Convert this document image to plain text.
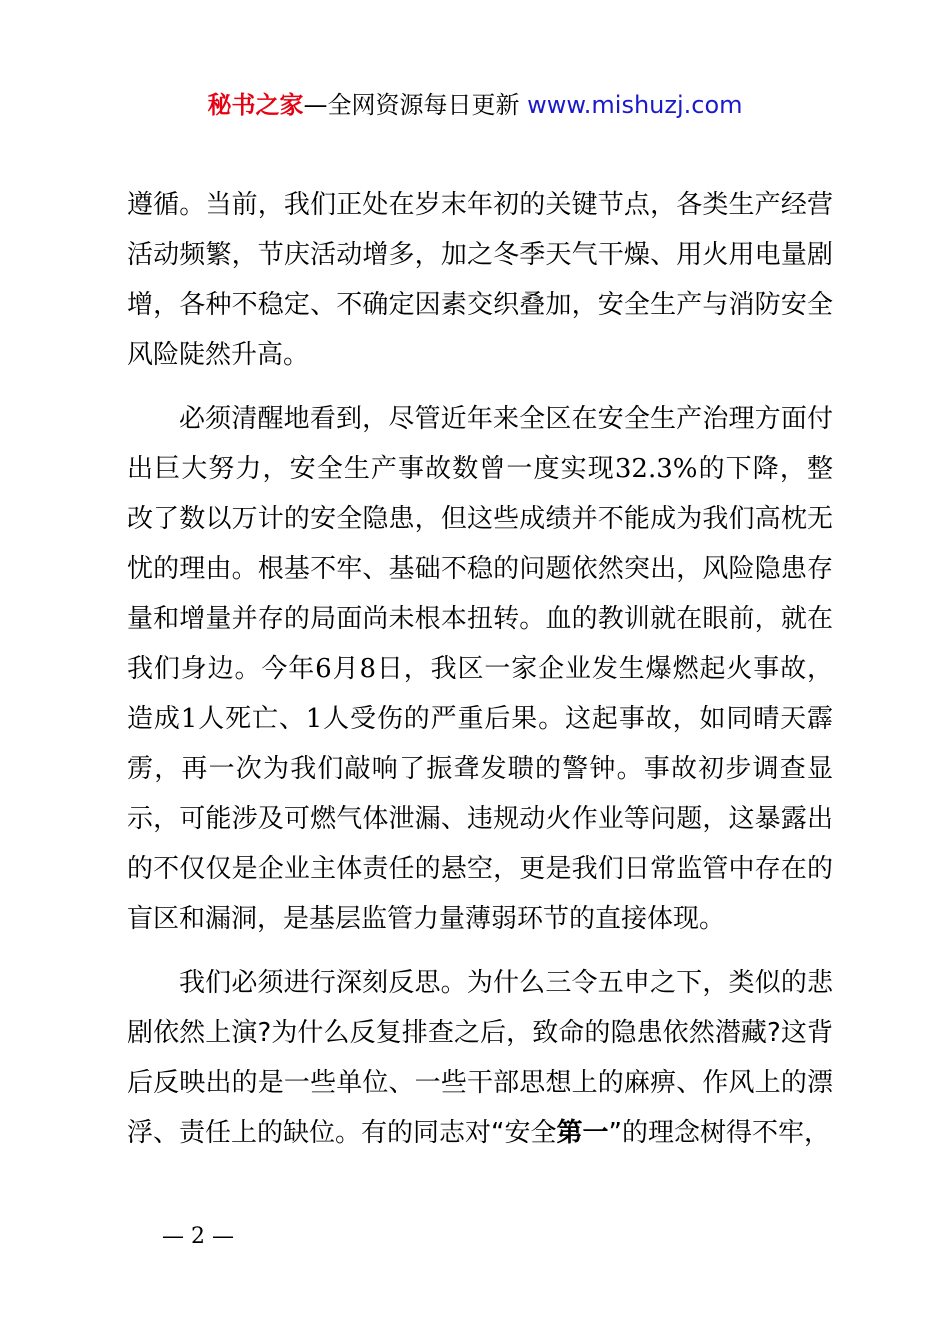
秘书之家—全网资源每日更新 www.mishuzj.com

遵循。当前，我们正处在岁末年初的关键节点，各类生产经营活动频繁，节庆活动增多，加之冬季天气干燥、用火用电量剧增，各种不稳定、不确定因素交织叠加，安全生产与消防安全风险陡然升高。

必须清醒地看到，尽管近年来全区在安全生产治理方面付出巨大努力，安全生产事故数曾一度实现32.3%的下降，整改了数以万计的安全隐患，但这些成绩并不能成为我们高枕无忧的理由。根基不牢、基础不稳的问题依然突出，风险隐患存量和增量并存的局面尚未根本扭转。血的教训就在眼前，就在我们身边。今年6月8日，我区一家企业发生爆燃起火事故，造成1人死亡、1人受伤的严重后果。这起事故，如同晴天霹雳，再一次为我们敲响了振聋发聩的警钟。事故初步调查显示，可能涉及可燃气体泄漏、违规动火作业等问题，这暴露出的不仅仅是企业主体责任的悬空，更是我们日常监管中存在的盲区和漏洞，是基层监管力量薄弱环节的直接体现。

我们必须进行深刻反思。为什么三令五申之下，类似的悲剧依然上演?为什么反复排查之后，致命的隐患依然潜藏?这背后反映出的是一些单位、一些干部思想上的麻痹、作风上的漂浮、责任上的缺位。有的同志对“安全第一”的理念树得不牢，

— 2 —
